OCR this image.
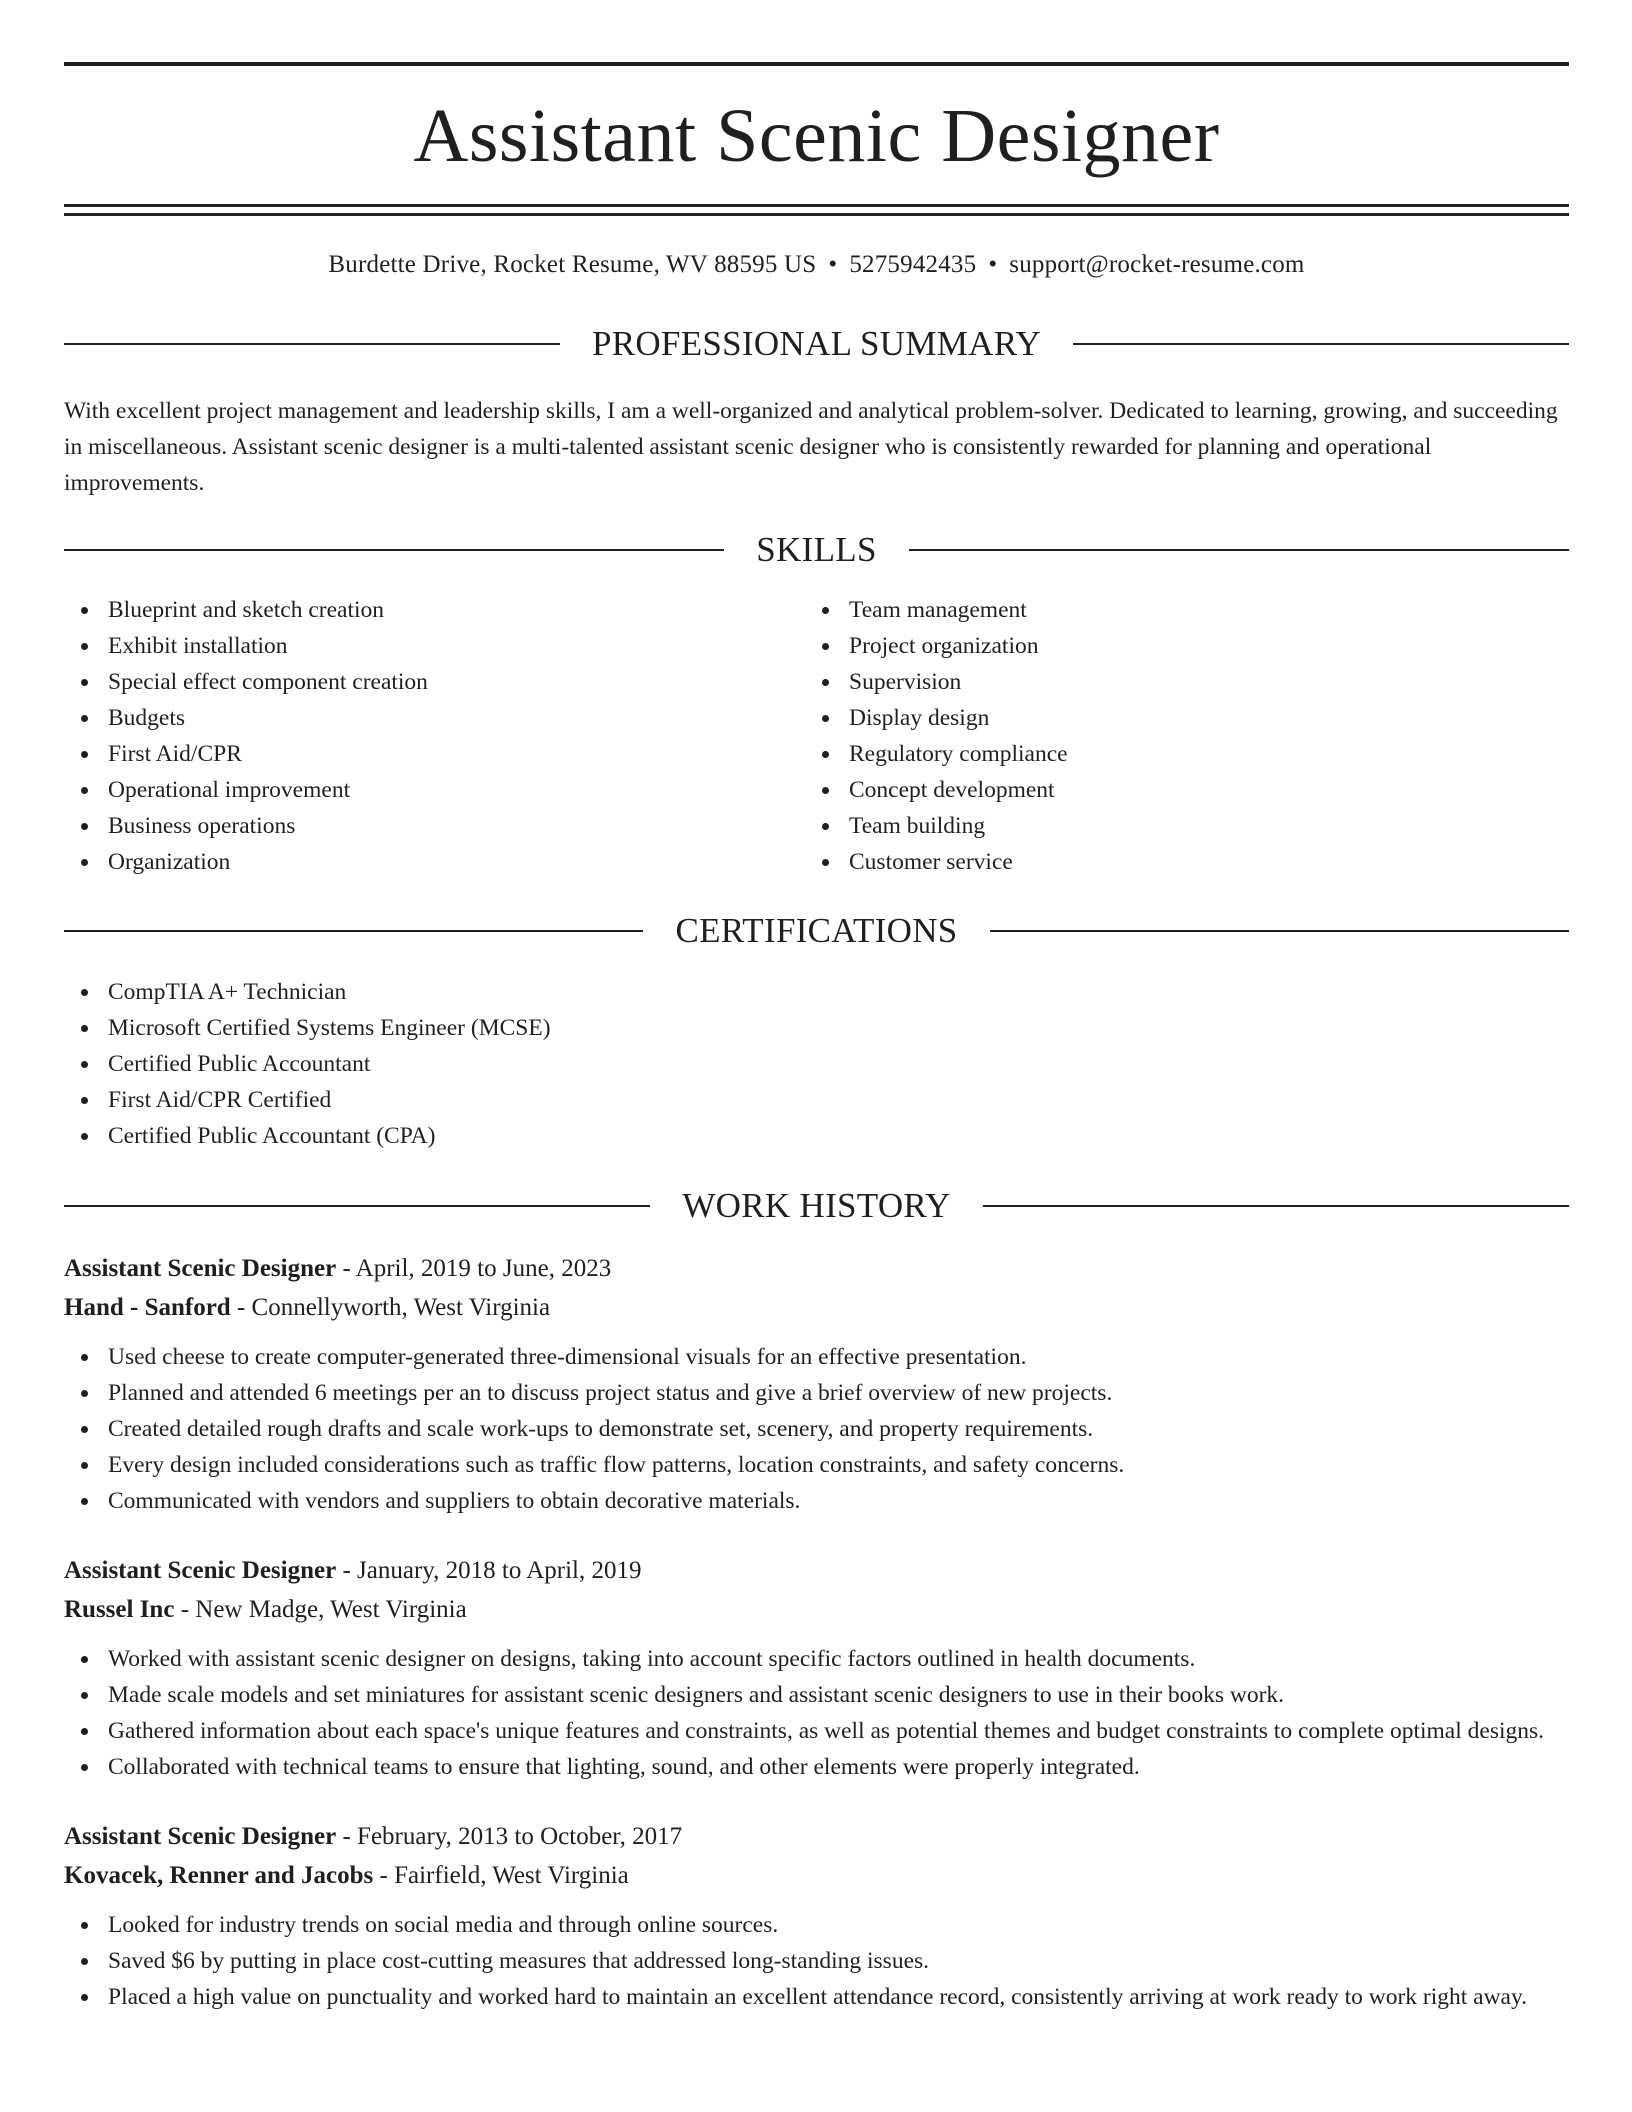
Assistant Scenic Designer
Burdette Drive, Rocket Resume, WV 88595 US • 5275942435 • support@rocket-resume.com
PROFESSIONAL SUMMARY
With excellent project management and leadership skills, I am a well-organized and analytical problem-solver. Dedicated to learning, growing, and succeeding in miscellaneous. Assistant scenic designer is a multi-talented assistant scenic designer who is consistently rewarded for planning and operational improvements.
SKILLS
Blueprint and sketch creation
Exhibit installation
Special effect component creation
Budgets
First Aid/CPR
Operational improvement
Business operations
Organization
Team management
Project organization
Supervision
Display design
Regulatory compliance
Concept development
Team building
Customer service
CERTIFICATIONS
CompTIA A+ Technician
Microsoft Certified Systems Engineer (MCSE)
Certified Public Accountant
First Aid/CPR Certified
Certified Public Accountant (CPA)
WORK HISTORY
Assistant Scenic Designer - April, 2019 to June, 2023
Hand - Sanford - Connellyworth, West Virginia
Used cheese to create computer-generated three-dimensional visuals for an effective presentation.
Planned and attended 6 meetings per an to discuss project status and give a brief overview of new projects.
Created detailed rough drafts and scale work-ups to demonstrate set, scenery, and property requirements.
Every design included considerations such as traffic flow patterns, location constraints, and safety concerns.
Communicated with vendors and suppliers to obtain decorative materials.
Assistant Scenic Designer - January, 2018 to April, 2019
Russel Inc - New Madge, West Virginia
Worked with assistant scenic designer on designs, taking into account specific factors outlined in health documents.
Made scale models and set miniatures for assistant scenic designers and assistant scenic designers to use in their books work.
Gathered information about each space's unique features and constraints, as well as potential themes and budget constraints to complete optimal designs.
Collaborated with technical teams to ensure that lighting, sound, and other elements were properly integrated.
Assistant Scenic Designer - February, 2013 to October, 2017
Kovacek, Renner and Jacobs - Fairfield, West Virginia
Looked for industry trends on social media and through online sources.
Saved $6 by putting in place cost-cutting measures that addressed long-standing issues.
Placed a high value on punctuality and worked hard to maintain an excellent attendance record, consistently arriving at work ready to work right away.
